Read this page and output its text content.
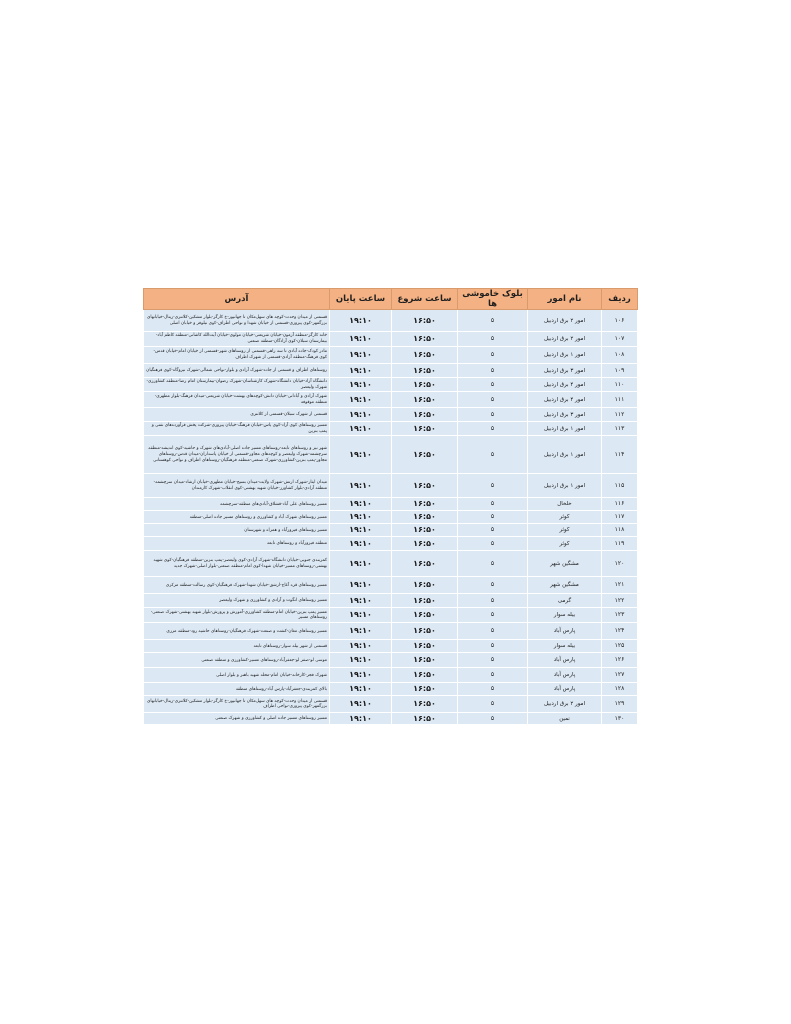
ردیف	نام امور	بلوک خاموشی ها	ساعت شروع	ساعت پایان	آدرس
۱۰۶	امور ۲ برق اردبیل	۵	۱۶:۵۰	۱۹:۱۰	قسمتی از میدان وحدت-کوچه های سهل‌مکان تا جهانپور-خ کارگر-بلوار مشکین-کلانتری-زیتال-خیابانهای بزرگمهر-کوی پیروزی-قسمتی از خیابان شهدا و نواحی اطراف-کوی نیلوفر و خیابان اصلی
۱۰۷	امور ۲ برق اردبیل	۵	۱۶:۵۰	۱۹:۱۰	خانه کارگر-منطقه آزمون-خیابان شریعتی-خیابان مولوی-خیابان آیت‌الله کاشانی-منطقه کاظم آباد-بیمارستان سبلان-کوی آزادگان-منطقه صنعتی
۱۰۸	امور ۱ برق اردبیل	۵	۱۶:۵۰	۱۹:۱۰	مادر کودک-جاده آبادی تا سه راهی-قسمتی از روستاهای شهر-قسمتی از خیابان امام-خیابان قدس-کوی فرهنگ-منطقه آزادی-قسمتی از شهرک اطراف
۱۰۹	امور ۳ برق اردبیل	۵	۱۶:۵۰	۱۹:۱۰	روستاهای اطراف و قسمتی از جاده-شهرک آزادی و بلوار-نواحی شمالی-شهرک نیروگاه-کوی فرهنگیان
۱۱۰	امور ۴ برق اردبیل	۵	۱۶:۵۰	۱۹:۱۰	دانشگاه آزاد-خیابان دانشگاه-شهرک کارشناسان-شهرک رضوان-بیمارستان امام رضا-منطقه کشاورزی-شهرک ولیعصر
۱۱۱	امور ۴ برق اردبیل	۵	۱۶:۵۰	۱۹:۱۰	شهرک آزادی و آبادانی-خیابان دانش-کوچه‌های بهشت-خیابان شریعتی-میدان فرهنگ-بلوار مطهری-منطقه موقوفه
۱۱۲	امور ۳ برق اردبیل	۵	۱۶:۵۰	۱۹:۱۰	قسمتی از شهرک سبلان-قسمتی از کلانتری
۱۱۳	امور ۱ برق اردبیل	۵	۱۶:۵۰	۱۹:۱۰	مسیر روستاهای کوی آزاد-کوی یاس-خیابان فرهنگ-خیابان پیروزی-شرکت پخش فرآورده‌های نفتی و پمپ بنزین
۱۱۴	امور ۱ برق اردبیل	۵	۱۶:۵۰	۱۹:۱۰	شهر نیر و روستاهای تابعه-روستاهای مسیر جاده اصلی-آبادی‌های شهرک و حاشیه-کوی اندیشه-منطقه سرچشمه-شهرک ولیعصر و کوچه‌های مجاور-قسمتی از خیابان پاسداران-میدان قدس-روستاهای مجاور-پمپ بنزین-کشاورزی-شهرک صنعتی-منطقه فرهنگیان-روستاهای اطراف و نواحی کوهستانی
۱۱۵	امور ۱ برق اردبیل	۵	۱۶:۵۰	۱۹:۱۰	میدان ایثار-شهرک ارتش-شهرک ولایت-میدان بسیج-خیابان مطهری-خیابان ارشاد-میدان سرچشمه-منطقه آزادی-بلوار کشاورز-خیابان شهید بهشتی-کوی انقلاب-شهرک کارمندان
۱۱۶	خلخال	۵	۱۶:۵۰	۱۹:۱۰	مسیر روستاهای علی آباد-قشلاق-آبادی‌های منطقه-سرچشمه
۱۱۷	کوثر	۵	۱۶:۵۰	۱۹:۱۰	مسیر روستاهای شهرک آباد و کشاورزی و روستاهای مسیر جاده اصلی-منطقه
۱۱۸	کوثر	۵	۱۶:۵۰	۱۹:۱۰	مسیر روستاهای فیروزآباد و همراه و شهرستان
۱۱۹	کوثر	۵	۱۶:۵۰	۱۹:۱۰	منطقه فیروزآباد و روستاهای تابعه
۱۲۰	مشگین شهر	۵	۱۶:۵۰	۱۹:۱۰	کمربندی جنوبی-خیابان دانشگاه-شهرک آزادی-کوی ولیعصر-پمپ بنزین-منطقه فرهنگیان-کوی شهید بهشتی-روستاهای مسیر-خیابان شهدا-کوی امام-منطقه صنعتی-بلوار اصلی-شهرک جدید
۱۲۱	مشگین شهر	۵	۱۶:۵۰	۱۹:۱۰	مسیر روستاهای قره آغاج-ارشق-خیابان شهدا-شهرک فرهنگیان-کوی رسالت-منطقه مرکزی
۱۲۲	گرمی	۵	۱۶:۵۰	۱۹:۱۰	مسیر روستاهای انگوت و آزادی و کشاورزی و شهرک ولیعصر
۱۲۳	بیله سوار	۵	۱۶:۵۰	۱۹:۱۰	مسیر پمپ بنزین-خیابان امام-منطقه کشاورزی-آموزش و پرورش-بلوار شهید بهشتی-شهرک صنعتی-روستاهای مسیر
۱۲۴	پارس آباد	۵	۱۶:۵۰	۱۹:۱۰	مسیر روستاهای مغان-کشت و صنعت-شهرک فرهنگیان-روستاهای حاشیه رود-منطقه مرزی
۱۲۵	بیله سوار	۵	۱۶:۵۰	۱۹:۱۰	قسمتی از شهر بیله سوار-روستاهای تابعه
۱۲۶	پارس آباد	۵	۱۶:۵۰	۱۹:۱۰	موسی لو-صفر لو-جعفرآباد-روستاهای مسیر-کشاورزی و منطقه صنعتی
۱۲۷	پارس آباد	۵	۱۶:۵۰	۱۹:۱۰	شهرک فجر-کارخانه-خیابان امام-محله شهید باهنر و بلوار اصلی
۱۲۸	پارس آباد	۵	۱۶:۵۰	۱۹:۱۰	بالای کمربندی-جعفرآباد-پارس آباد-روستاهای منطقه
۱۲۹	امور ۲ برق اردبیل	۵	۱۶:۵۰	۱۹:۱۰	قسمتی از میدان وحدت-کوچه های سهل‌مکان تا جهانپور-خ کارگر-بلوار مشکین-کلانتری-زیتال-خیابانهای بزرگمهر-کوی پیروزی-نواحی اطراف
۱۳۰	نمین	۵	۱۶:۵۰	۱۹:۱۰	مسیر روستاهای مسیر جاده اصلی و کشاورزی و شهرک صنعتی
